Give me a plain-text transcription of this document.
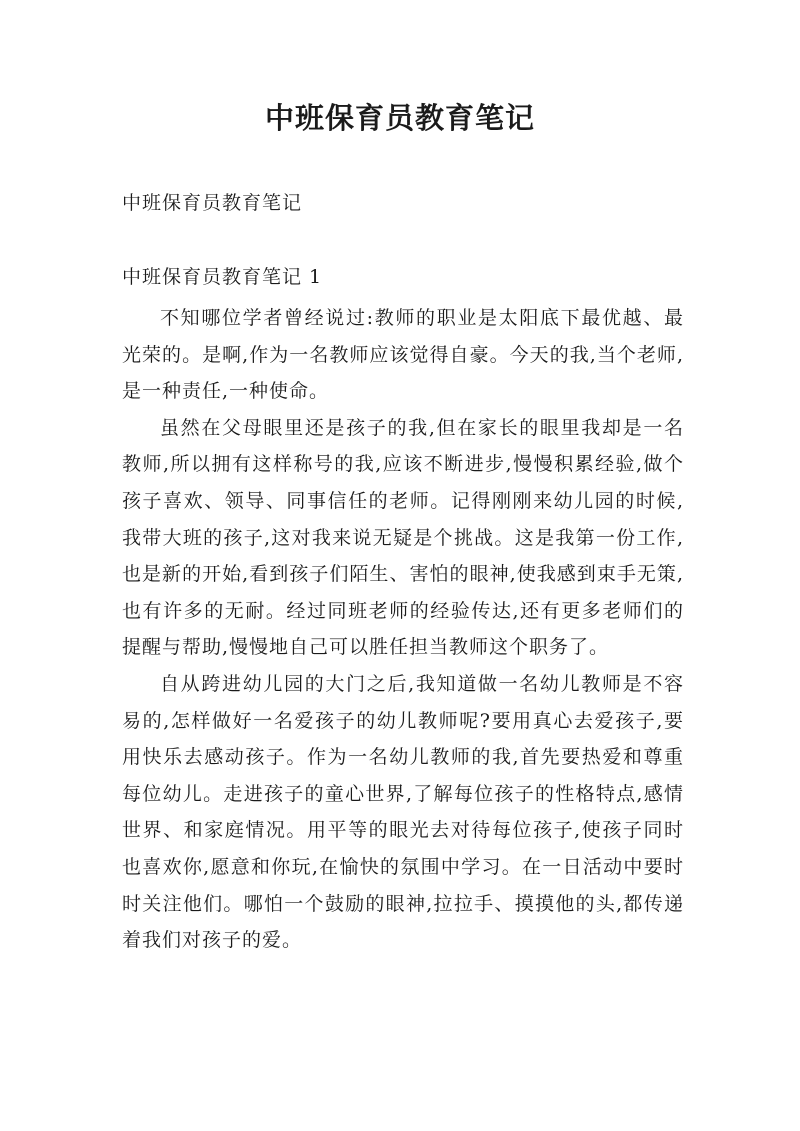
中班保育员教育笔记

中班保育员教育笔记

中班保育员教育笔记 1

不知哪位学者曾经说过:教师的职业是太阳底下最优越、最光荣的。是啊,作为一名教师应该觉得自豪。今天的我,当个老师,是一种责任,一种使命。

虽然在父母眼里还是孩子的我,但在家长的眼里我却是一名教师,所以拥有这样称号的我,应该不断进步,慢慢积累经验,做个孩子喜欢、领导、同事信任的老师。记得刚刚来幼儿园的时候,我带大班的孩子,这对我来说无疑是个挑战。这是我第一份工作,也是新的开始,看到孩子们陌生、害怕的眼神,使我感到束手无策,也有许多的无耐。经过同班老师的经验传达,还有更多老师们的提醒与帮助,慢慢地自己可以胜任担当教师这个职务了。

自从跨进幼儿园的大门之后,我知道做一名幼儿教师是不容易的,怎样做好一名爱孩子的幼儿教师呢?要用真心去爱孩子,要用快乐去感动孩子。作为一名幼儿教师的我,首先要热爱和尊重每位幼儿。走进孩子的童心世界,了解每位孩子的性格特点,感情世界、和家庭情况。用平等的眼光去对待每位孩子,使孩子同时也喜欢你,愿意和你玩,在愉快的氛围中学习。在一日活动中要时时关注他们。哪怕一个鼓励的眼神,拉拉手、摸摸他的头,都传递着我们对孩子的爱。
